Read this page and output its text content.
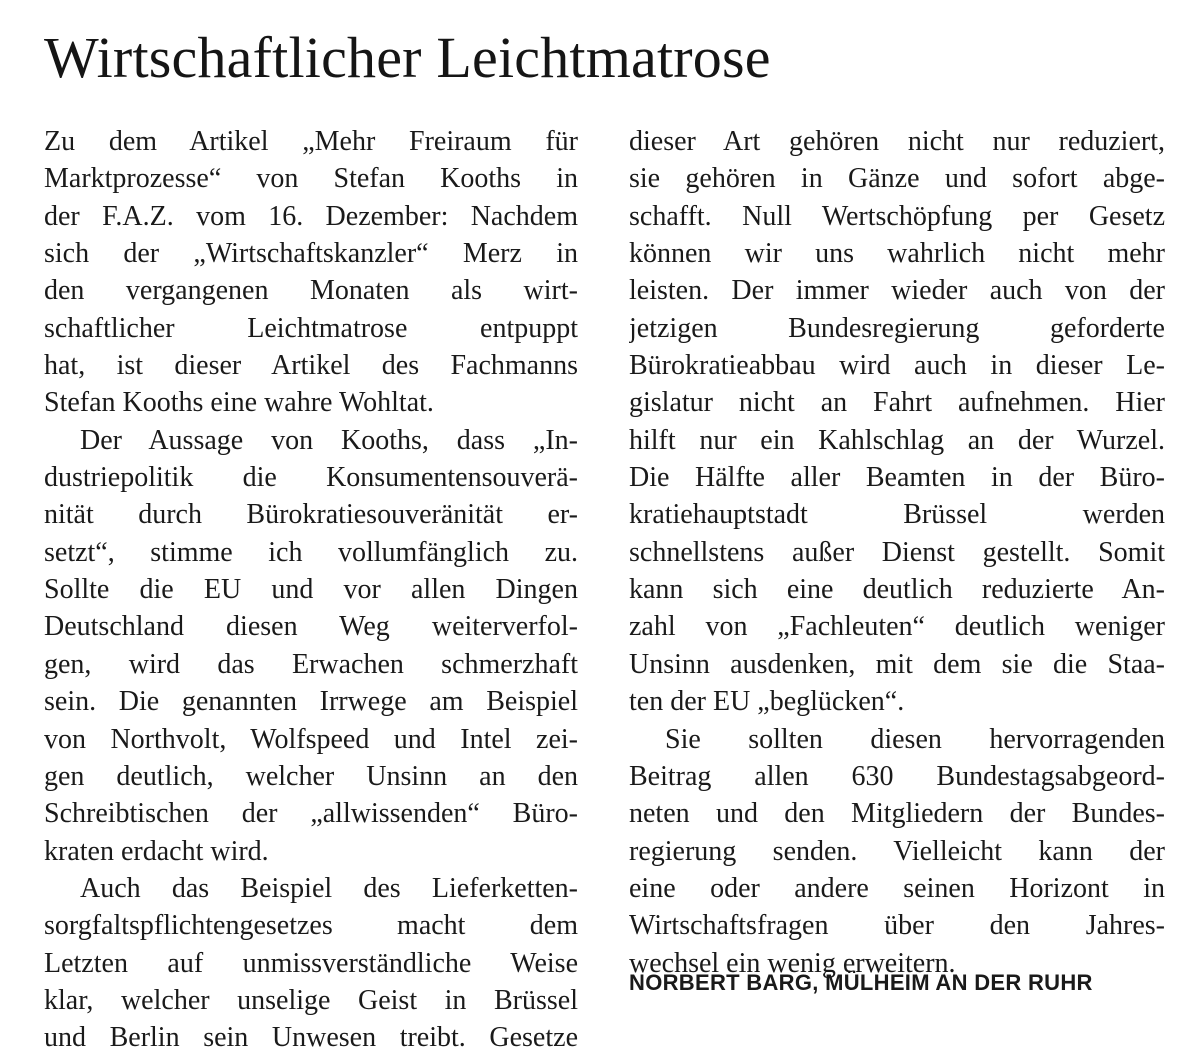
Wirtschaftlicher Leichtmatrose
Zu dem Artikel „Mehr Freiraum für
Marktprozesse“ von Stefan Kooths in
der F.A.Z. vom 16. Dezember: Nachdem
sich der „Wirtschaftskanzler“ Merz in
den vergangenen Monaten als wirt-
schaftlicher Leichtmatrose entpuppt
hat, ist dieser Artikel des Fachmanns
Stefan Kooths eine wahre Wohltat.
Der Aussage von Kooths, dass „In-
dustriepolitik die Konsumentensouverä-
nität durch Bürokratiesouveränität er-
setzt“, stimme ich vollumfänglich zu.
Sollte die EU und vor allen Dingen
Deutschland diesen Weg weiterverfol-
gen, wird das Erwachen schmerzhaft
sein. Die genannten Irrwege am Beispiel
von Northvolt, Wolfspeed und Intel zei-
gen deutlich, welcher Unsinn an den
Schreibtischen der „allwissenden“ Büro-
kraten erdacht wird.
Auch das Beispiel des Lieferketten-
sorgfaltspflichtengesetzes macht dem
Letzten auf unmissverständliche Weise
klar, welcher unselige Geist in Brüssel
und Berlin sein Unwesen treibt. Gesetze
dieser Art gehören nicht nur reduziert,
sie gehören in Gänze und sofort abge-
schafft. Null Wertschöpfung per Gesetz
können wir uns wahrlich nicht mehr
leisten. Der immer wieder auch von der
jetzigen Bundesregierung geforderte
Bürokratieabbau wird auch in dieser Le-
gislatur nicht an Fahrt aufnehmen. Hier
hilft nur ein Kahlschlag an der Wurzel.
Die Hälfte aller Beamten in der Büro-
kratiehauptstadt Brüssel werden
schnellstens außer Dienst gestellt. Somit
kann sich eine deutlich reduzierte An-
zahl von „Fachleuten“ deutlich weniger
Unsinn ausdenken, mit dem sie die Staa-
ten der EU „beglücken“.
Sie sollten diesen hervorragenden
Beitrag allen 630 Bundestagsabgeord-
neten und den Mitgliedern der Bundes-
regierung senden. Vielleicht kann der
eine oder andere seinen Horizont in
Wirtschaftsfragen über den Jahres-
wechsel ein wenig erweitern.
NORBERT BARG, MÜLHEIM AN DER RUHR
